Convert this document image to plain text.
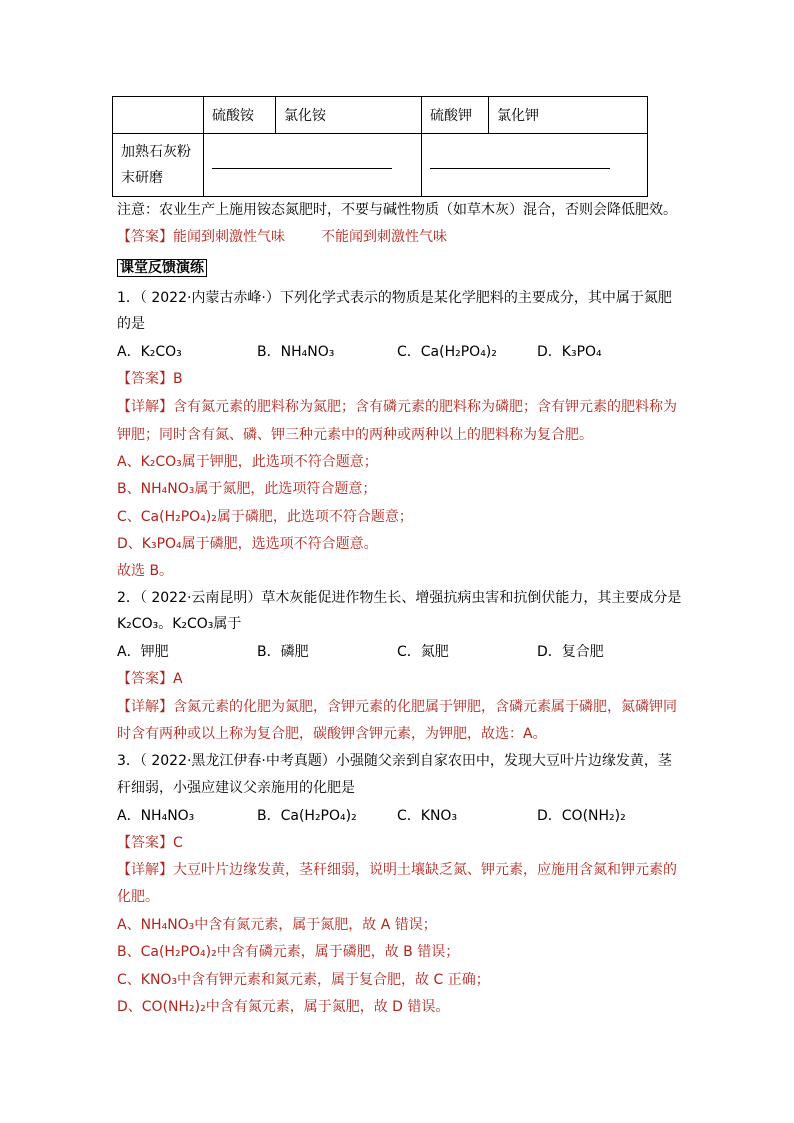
	硫酸铵	氯化铵	硫酸钾	氯化钾
加熟石灰粉
末研磨				
注意：农业生产上施用铵态氮肥时，不要与碱性物质（如草木灰）混合，否则会降低肥效。
【答案】能闻到刺激性气味	不能闻到刺激性气味
课堂反馈演练
1．（ 2022·内蒙古赤峰·）下列化学式表示的物质是某化学肥料的主要成分，其中属于氮肥
的是
A．K₂CO₃	B．NH₄NO₃	C．Ca(H₂PO₄)₂	D．K₃PO₄
【答案】B
【详解】含有氮元素的肥料称为氮肥；含有磷元素的肥料称为磷肥；含有钾元素的肥料称为
钾肥；同时含有氮、磷、钾三种元素中的两种或两种以上的肥料称为复合肥。
A、K₂CO₃属于钾肥，此选项不符合题意；
B、NH₄NO₃属于氮肥，此选项符合题意；
C、Ca(H₂PO₄)₂属于磷肥，此选项不符合题意；
D、K₃PO₄属于磷肥，选选项不符合题意。
故选 B。
2．（ 2022·云南昆明）草木灰能促进作物生长、增强抗病虫害和抗倒伏能力，其主要成分是
K₂CO₃。K₂CO₃属于
A．钾肥	B．磷肥	C．氮肥	D．复合肥
【答案】A
【详解】含氮元素的化肥为氮肥，含钾元素的化肥属于钾肥，含磷元素属于磷肥，氮磷钾同
时含有两种或以上称为复合肥，碳酸钾含钾元素，为钾肥，故选：A。
3．（ 2022·黑龙江伊春·中考真题）小强随父亲到自家农田中，发现大豆叶片边缘发黄，茎
秆细弱，小强应建议父亲施用的化肥是
A．NH₄NO₃	B．Ca(H₂PO₄)₂	C．KNO₃	D．CO(NH₂)₂
【答案】C
【详解】大豆叶片边缘发黄，茎秆细弱，说明土壤缺乏氮、钾元素，应施用含氮和钾元素的
化肥。
A、NH₄NO₃中含有氮元素，属于氮肥，故 A 错误；
B、Ca(H₂PO₄)₂中含有磷元素，属于磷肥，故 B 错误；
C、KNO₃中含有钾元素和氮元素，属于复合肥，故 C 正确；
D、CO(NH₂)₂中含有氮元素，属于氮肥，故 D 错误。
